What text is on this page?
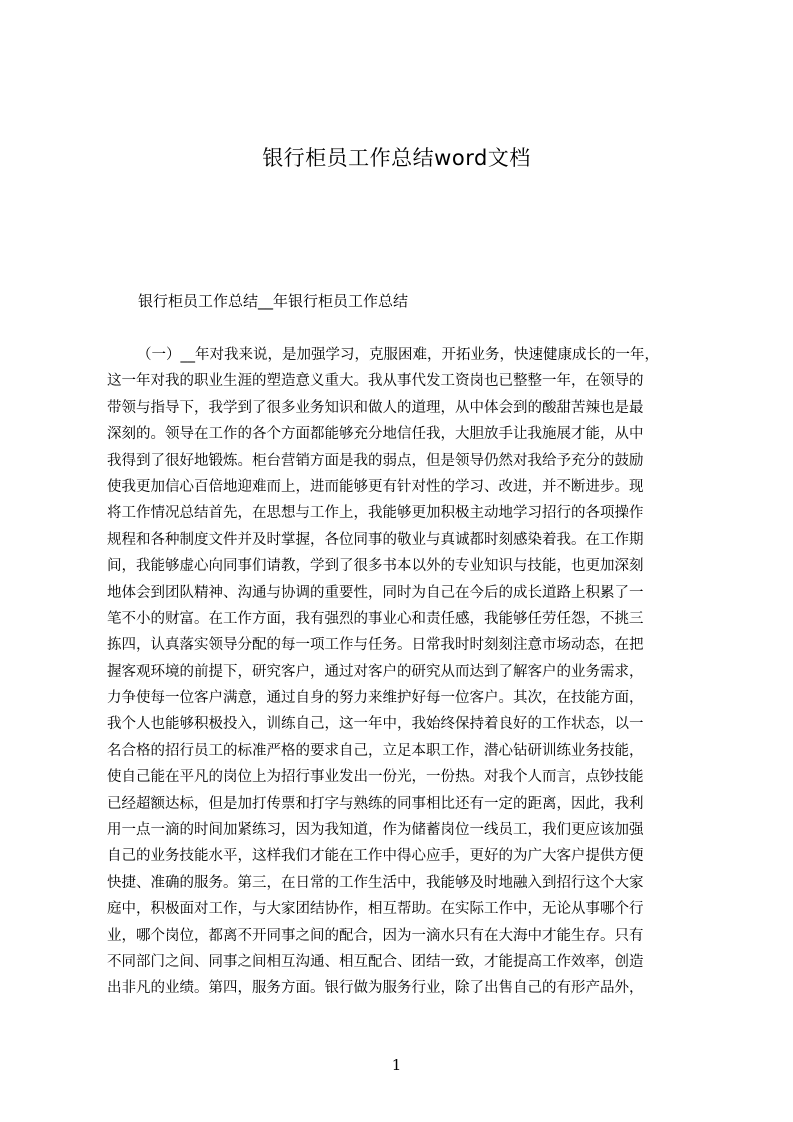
银行柜员工作总结word文档
银行柜员工作总结__年银行柜员工作总结
（一）__年对我来说，是加强学习，克服困难，开拓业务，快速健康成长的一年，
这一年对我的职业生涯的塑造意义重大。我从事代发工资岗也已整整一年，在领导的
带领与指导下，我学到了很多业务知识和做人的道理，从中体会到的酸甜苦辣也是最
深刻的。领导在工作的各个方面都能够充分地信任我，大胆放手让我施展才能，从中
我得到了很好地锻炼。柜台营销方面是我的弱点，但是领导仍然对我给予充分的鼓励
使我更加信心百倍地迎难而上，进而能够更有针对性的学习、改进，并不断进步。现
将工作情况总结首先，在思想与工作上，我能够更加积极主动地学习招行的各项操作
规程和各种制度文件并及时掌握，各位同事的敬业与真诚都时刻感染着我。在工作期
间，我能够虚心向同事们请教，学到了很多书本以外的专业知识与技能，也更加深刻
地体会到团队精神、沟通与协调的重要性，同时为自己在今后的成长道路上积累了一
笔不小的财富。在工作方面，我有强烈的事业心和责任感，我能够任劳任怨，不挑三
拣四，认真落实领导分配的每一项工作与任务。日常我时时刻刻注意市场动态，在把
握客观环境的前提下，研究客户，通过对客户的研究从而达到了解客户的业务需求，
力争使每一位客户满意，通过自身的努力来维护好每一位客户。其次，在技能方面，
我个人也能够积极投入，训练自己，这一年中，我始终保持着良好的工作状态，以一
名合格的招行员工的标准严格的要求自己，立足本职工作，潜心钻研训练业务技能，
使自己能在平凡的岗位上为招行事业发出一份光，一份热。对我个人而言，点钞技能
已经超额达标，但是加打传票和打字与熟练的同事相比还有一定的距离，因此，我利
用一点一滴的时间加紧练习，因为我知道，作为储蓄岗位一线员工，我们更应该加强
自己的业务技能水平，这样我们才能在工作中得心应手，更好的为广大客户提供方便
快捷、准确的服务。第三，在日常的工作生活中，我能够及时地融入到招行这个大家
庭中，积极面对工作，与大家团结协作，相互帮助。在实际工作中，无论从事哪个行
业，哪个岗位，都离不开同事之间的配合，因为一滴水只有在大海中才能生存。只有
不同部门之间、同事之间相互沟通、相互配合、团结一致，才能提高工作效率，创造
出非凡的业绩。第四，服务方面。银行做为服务行业，除了出售自己的有形产品外，
1
